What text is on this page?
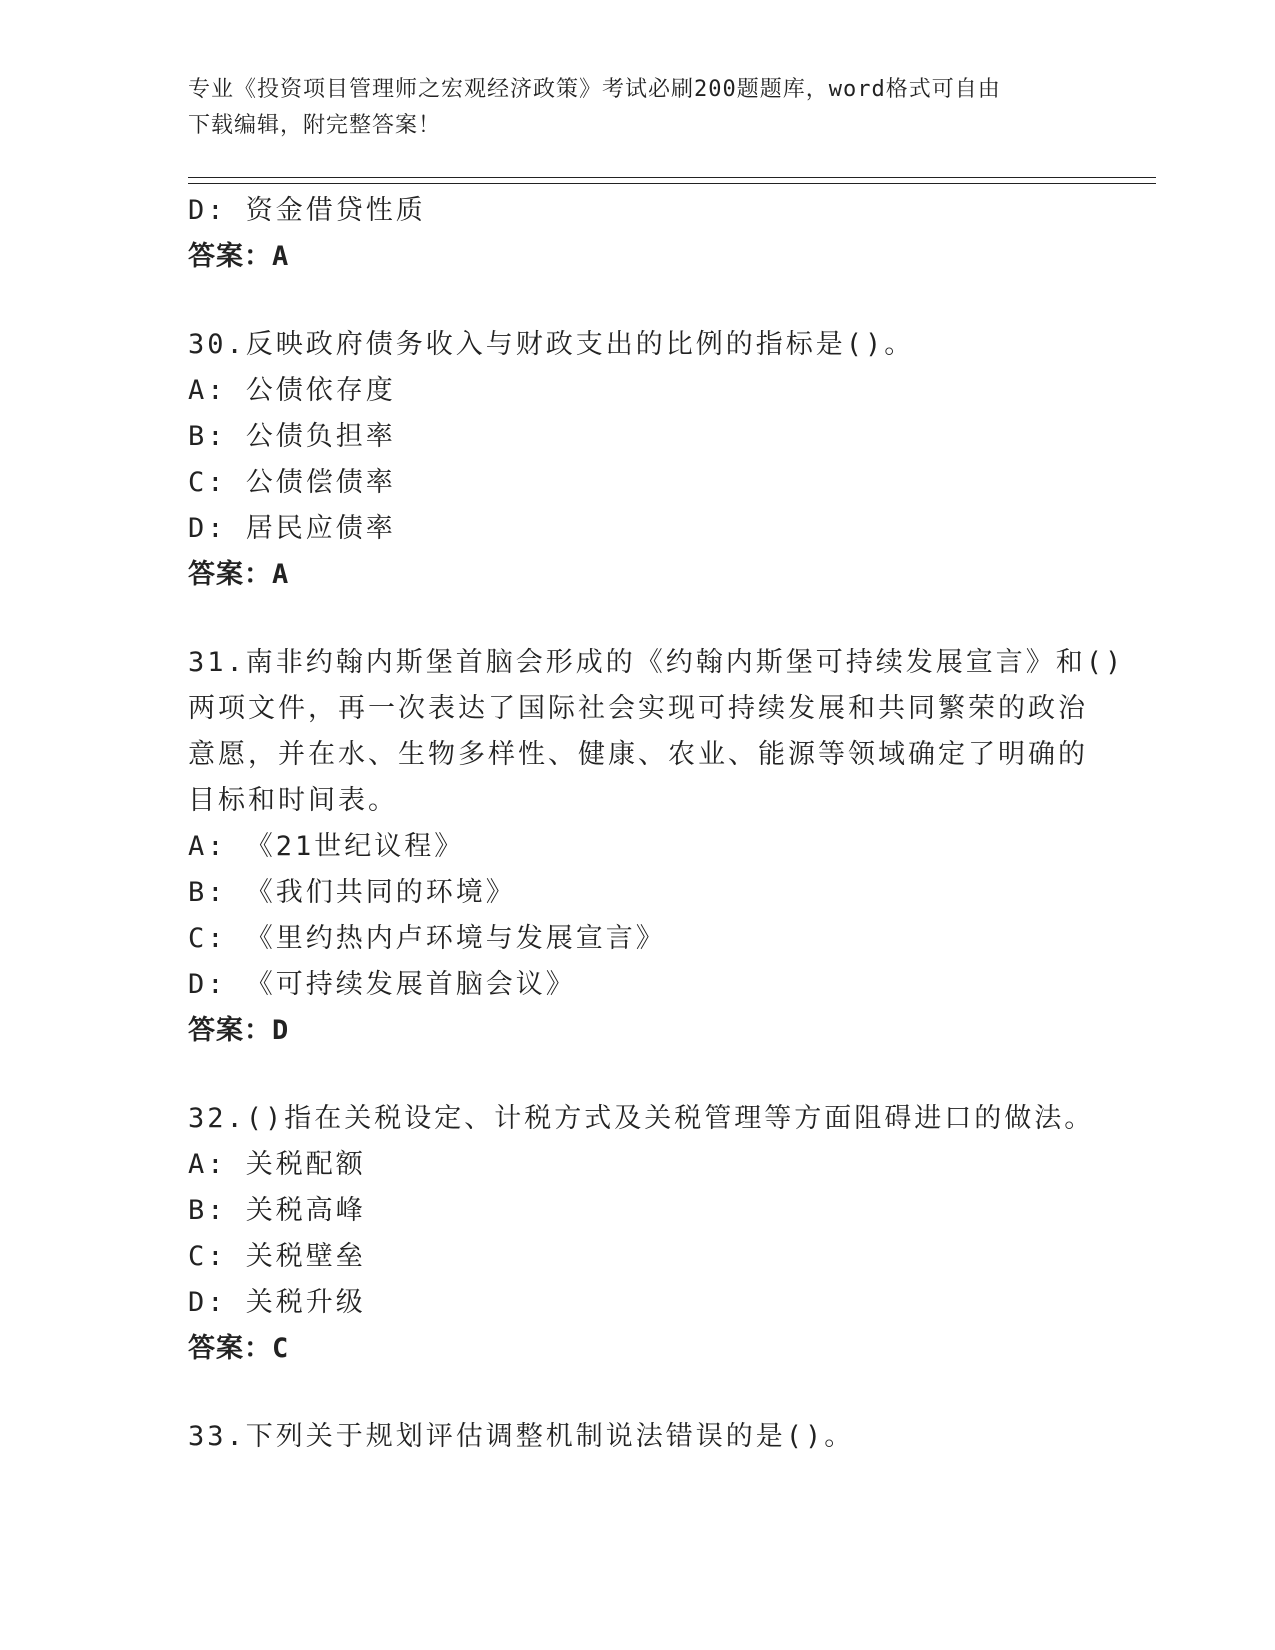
专业《投资项目管理师之宏观经济政策》考试必刷200题题库，word格式可自由
下载编辑，附完整答案！
D: 资金借贷性质
答案：A
30.反映政府债务收入与财政支出的比例的指标是()。
A: 公债依存度
B: 公债负担率
C: 公债偿债率
D: 居民应债率
答案：A
31.南非约翰内斯堡首脑会形成的《约翰内斯堡可持续发展宣言》和()
两项文件，再一次表达了国际社会实现可持续发展和共同繁荣的政治
意愿，并在水、生物多样性、健康、农业、能源等领域确定了明确的
目标和时间表。
A: 《21世纪议程》
B: 《我们共同的环境》
C: 《里约热内卢环境与发展宣言》
D: 《可持续发展首脑会议》
答案：D
32.()指在关税设定、计税方式及关税管理等方面阻碍进口的做法。
A: 关税配额
B: 关税高峰
C: 关税壁垒
D: 关税升级
答案：C
33.下列关于规划评估调整机制说法错误的是()。
